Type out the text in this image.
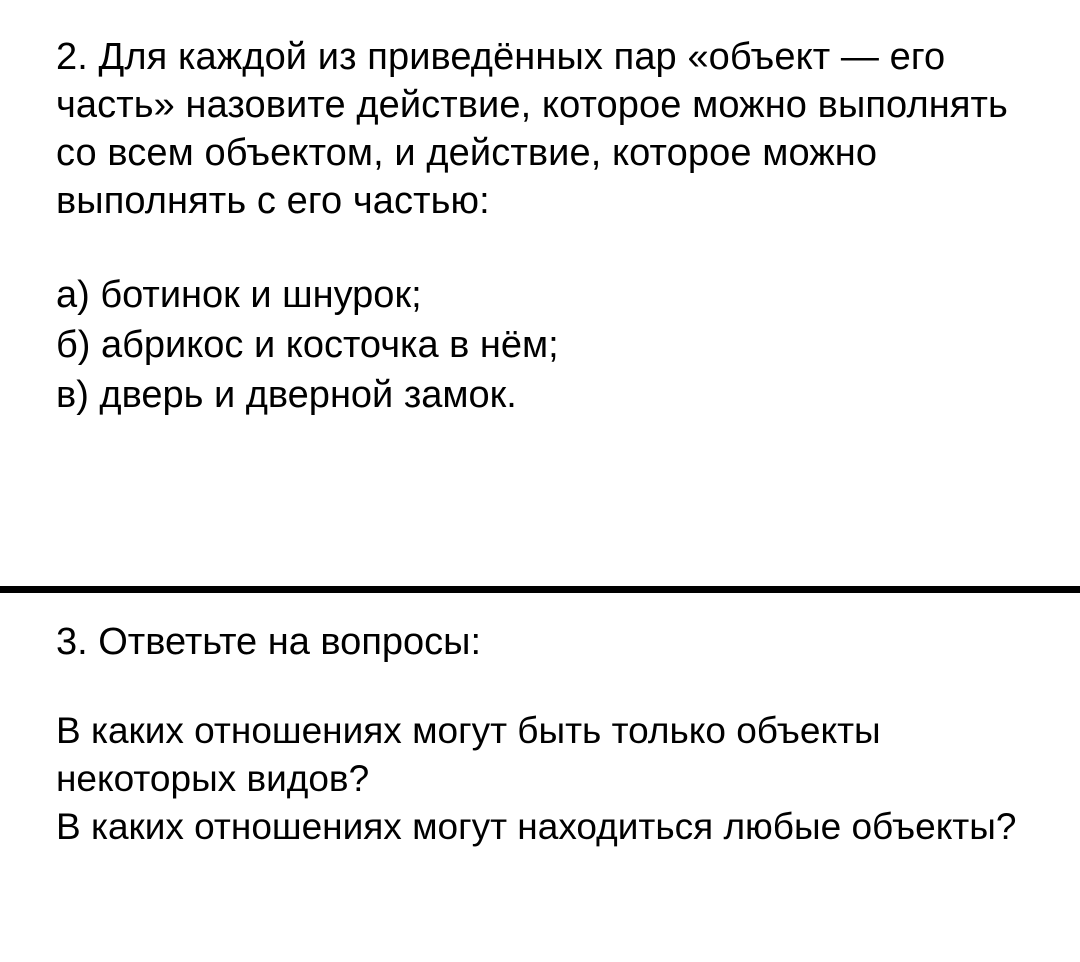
2. Для каждой из приведённых пар «объект — его часть» назовите действие, которое можно выполнять со всем объектом, и действие, которое можно выполнять с его частью:

а) ботинок и шнурок;
б) абрикос и косточка в нём;
в) дверь и дверной замок.

3. Ответьте на вопросы:

В каких отношениях могут быть только объекты некоторых видов?
В каких отношениях могут находиться любые объекты?
